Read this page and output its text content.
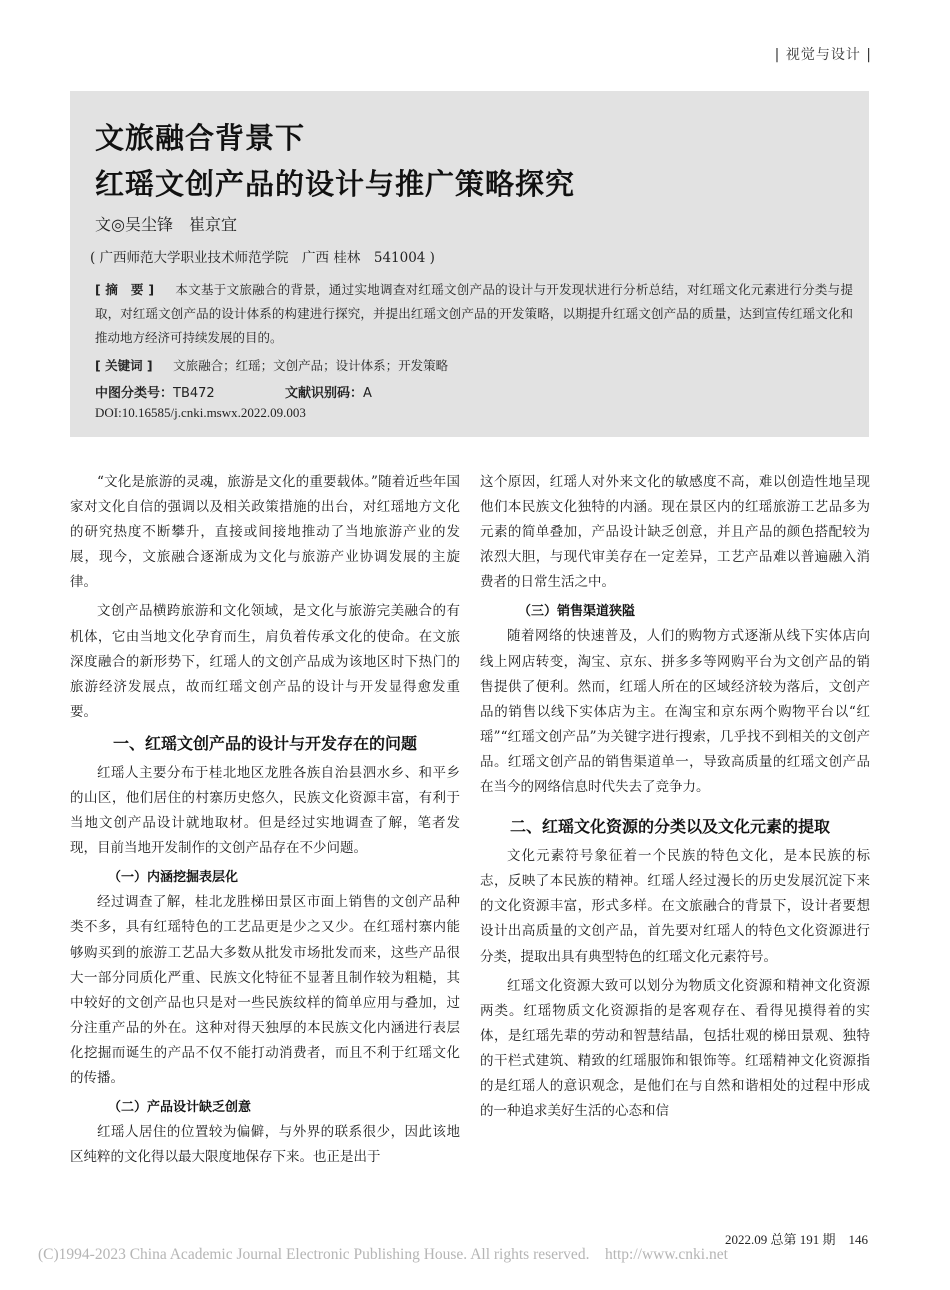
| 视觉与设计 |
文旅融合背景下
红瑶文创产品的设计与推广策略探究
文◎吴尘锋　崔京宜
( 广西师范大学职业技术师范学院　广西 桂林　541004 )
[ 摘　要 ] 　 本文基于文旅融合的背景，通过实地调查对红瑶文创产品的设计与开发现状进行分析总结，对红瑶文化元素进行分类与提取，对红瑶文创产品的设计体系的构建进行探究，并提出红瑶文创产品的开发策略，以期提升红瑶文创产品的质量，达到宣传红瑶文化和推动地方经济可持续发展的目的。
[ 关键词 ] 　 文旅融合；红瑶；文创产品；设计体系；开发策略
中图分类号：TB472	文献识别码：A
DOI:10.16585/j.cnki.mswx.2022.09.003

“文化是旅游的灵魂，旅游是文化的重要载体。”随着近些年国家对文化自信的强调以及相关政策措施的出台，对红瑶地方文化的研究热度不断攀升，直接或间接地推动了当地旅游产业的发展，现今，文旅融合逐渐成为文化与旅游产业协调发展的主旋律。

文创产品横跨旅游和文化领域，是文化与旅游完美融合的有机体，它由当地文化孕育而生，肩负着传承文化的使命。在文旅深度融合的新形势下，红瑶人的文创产品成为该地区时下热门的旅游经济发展点，故而红瑶文创产品的设计与开发显得愈发重要。

一、红瑶文创产品的设计与开发存在的问题

红瑶人主要分布于桂北地区龙胜各族自治县泗水乡、和平乡的山区，他们居住的村寨历史悠久，民族文化资源丰富，有利于当地文创产品设计就地取材。但是经过实地调查了解，笔者发现，目前当地开发制作的文创产品存在不少问题。

（一）内涵挖掘表层化

经过调查了解，桂北龙胜梯田景区市面上销售的文创产品种类不多，具有红瑶特色的工艺品更是少之又少。在红瑶村寨内能够购买到的旅游工艺品大多数从批发市场批发而来，这些产品很大一部分同质化严重、民族文化特征不显著且制作较为粗糙，其中较好的文创产品也只是对一些民族纹样的简单应用与叠加，过分注重产品的外在。这种对得天独厚的本民族文化内涵进行表层化挖掘而诞生的产品不仅不能打动消费者，而且不利于红瑶文化的传播。

（二）产品设计缺乏创意

红瑶人居住的位置较为偏僻，与外界的联系很少，因此该地区纯粹的文化得以最大限度地保存下来。也正是出于

这个原因，红瑶人对外来文化的敏感度不高，难以创造性地呈现他们本民族文化独特的内涵。现在景区内的红瑶旅游工艺品多为元素的简单叠加，产品设计缺乏创意，并且产品的颜色搭配较为浓烈大胆，与现代审美存在一定差异，工艺产品难以普遍融入消费者的日常生活之中。

（三）销售渠道狭隘

随着网络的快速普及，人们的购物方式逐渐从线下实体店向线上网店转变，淘宝、京东、拼多多等网购平台为文创产品的销售提供了便利。然而，红瑶人所在的区域经济较为落后，文创产品的销售以线下实体店为主。在淘宝和京东两个购物平台以“红瑶”“红瑶文创产品”为关键字进行搜索，几乎找不到相关的文创产品。红瑶文创产品的销售渠道单一，导致高质量的红瑶文创产品在当今的网络信息时代失去了竞争力。

二、红瑶文化资源的分类以及文化元素的提取

文化元素符号象征着一个民族的特色文化，是本民族的标志，反映了本民族的精神。红瑶人经过漫长的历史发展沉淀下来的文化资源丰富，形式多样。在文旅融合的背景下，设计者要想设计出高质量的文创产品，首先要对红瑶人的特色文化资源进行分类，提取出具有典型特色的红瑶文化元素符号。

红瑶文化资源大致可以划分为物质文化资源和精神文化资源两类。红瑶物质文化资源指的是客观存在、看得见摸得着的实体，是红瑶先辈的劳动和智慧结晶，包括壮观的梯田景观、独特的干栏式建筑、精致的红瑶服饰和银饰等。红瑶精神文化资源指的是红瑶人的意识观念，是他们在与自然和谐相处的过程中形成的一种追求美好生活的心态和信

2022.09 总第 191 期　146
(C)1994-2023 China Academic Journal Electronic Publishing House. All rights reserved.　http://www.cnki.net
